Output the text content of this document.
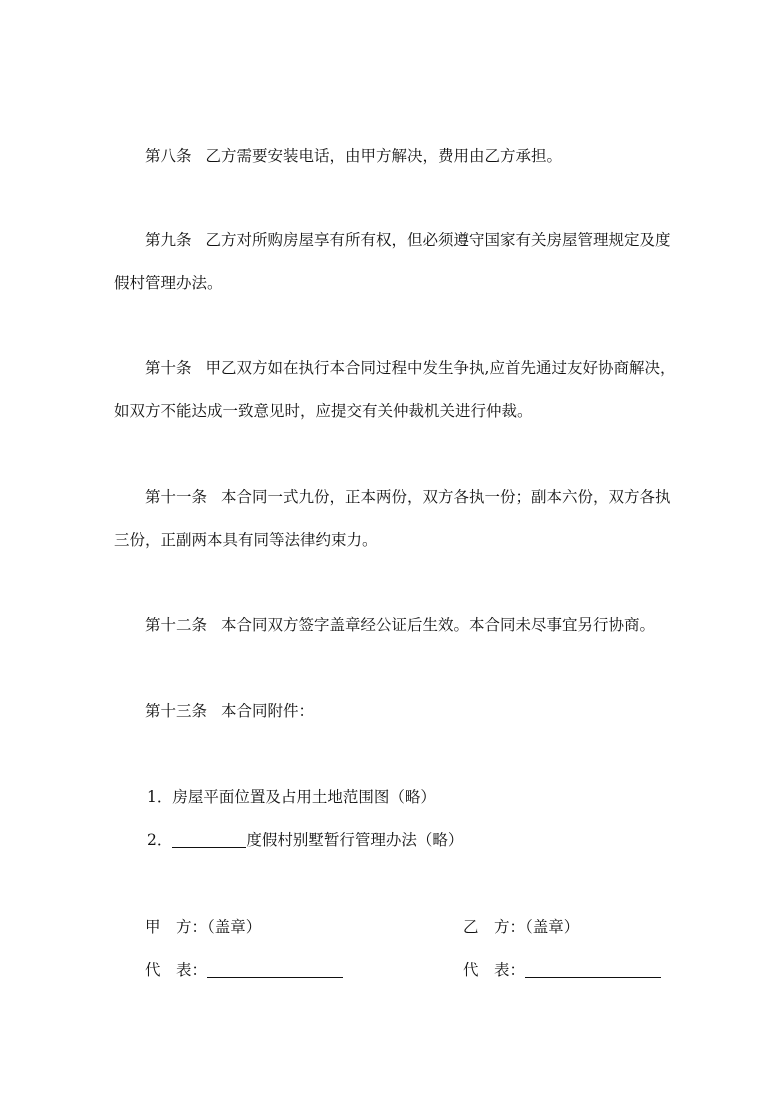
第八条 乙方需要安装电话，由甲方解决，费用由乙方承担。
第九条 乙方对所购房屋享有所有权，但必须遵守国家有关房屋管理规定及度
假村管理办法。
第十条 甲乙双方如在执行本合同过程中发生争执,应首先通过友好协商解决，
如双方不能达成一致意见时，应提交有关仲裁机关进行仲裁。
第十一条 本合同一式九份，正本两份，双方各执一份；副本六份，双方各执
三份，正副两本具有同等法律约束力。
第十二条 本合同双方签字盖章经公证后生效。本合同未尽事宜另行协商。
第十三条 本合同附件：
1．房屋平面位置及占用土地范围图（略）
2．	度假村别墅暂行管理办法（略）
甲　方：（盖章）
代　表：
乙　方：（盖章）
代　表：
